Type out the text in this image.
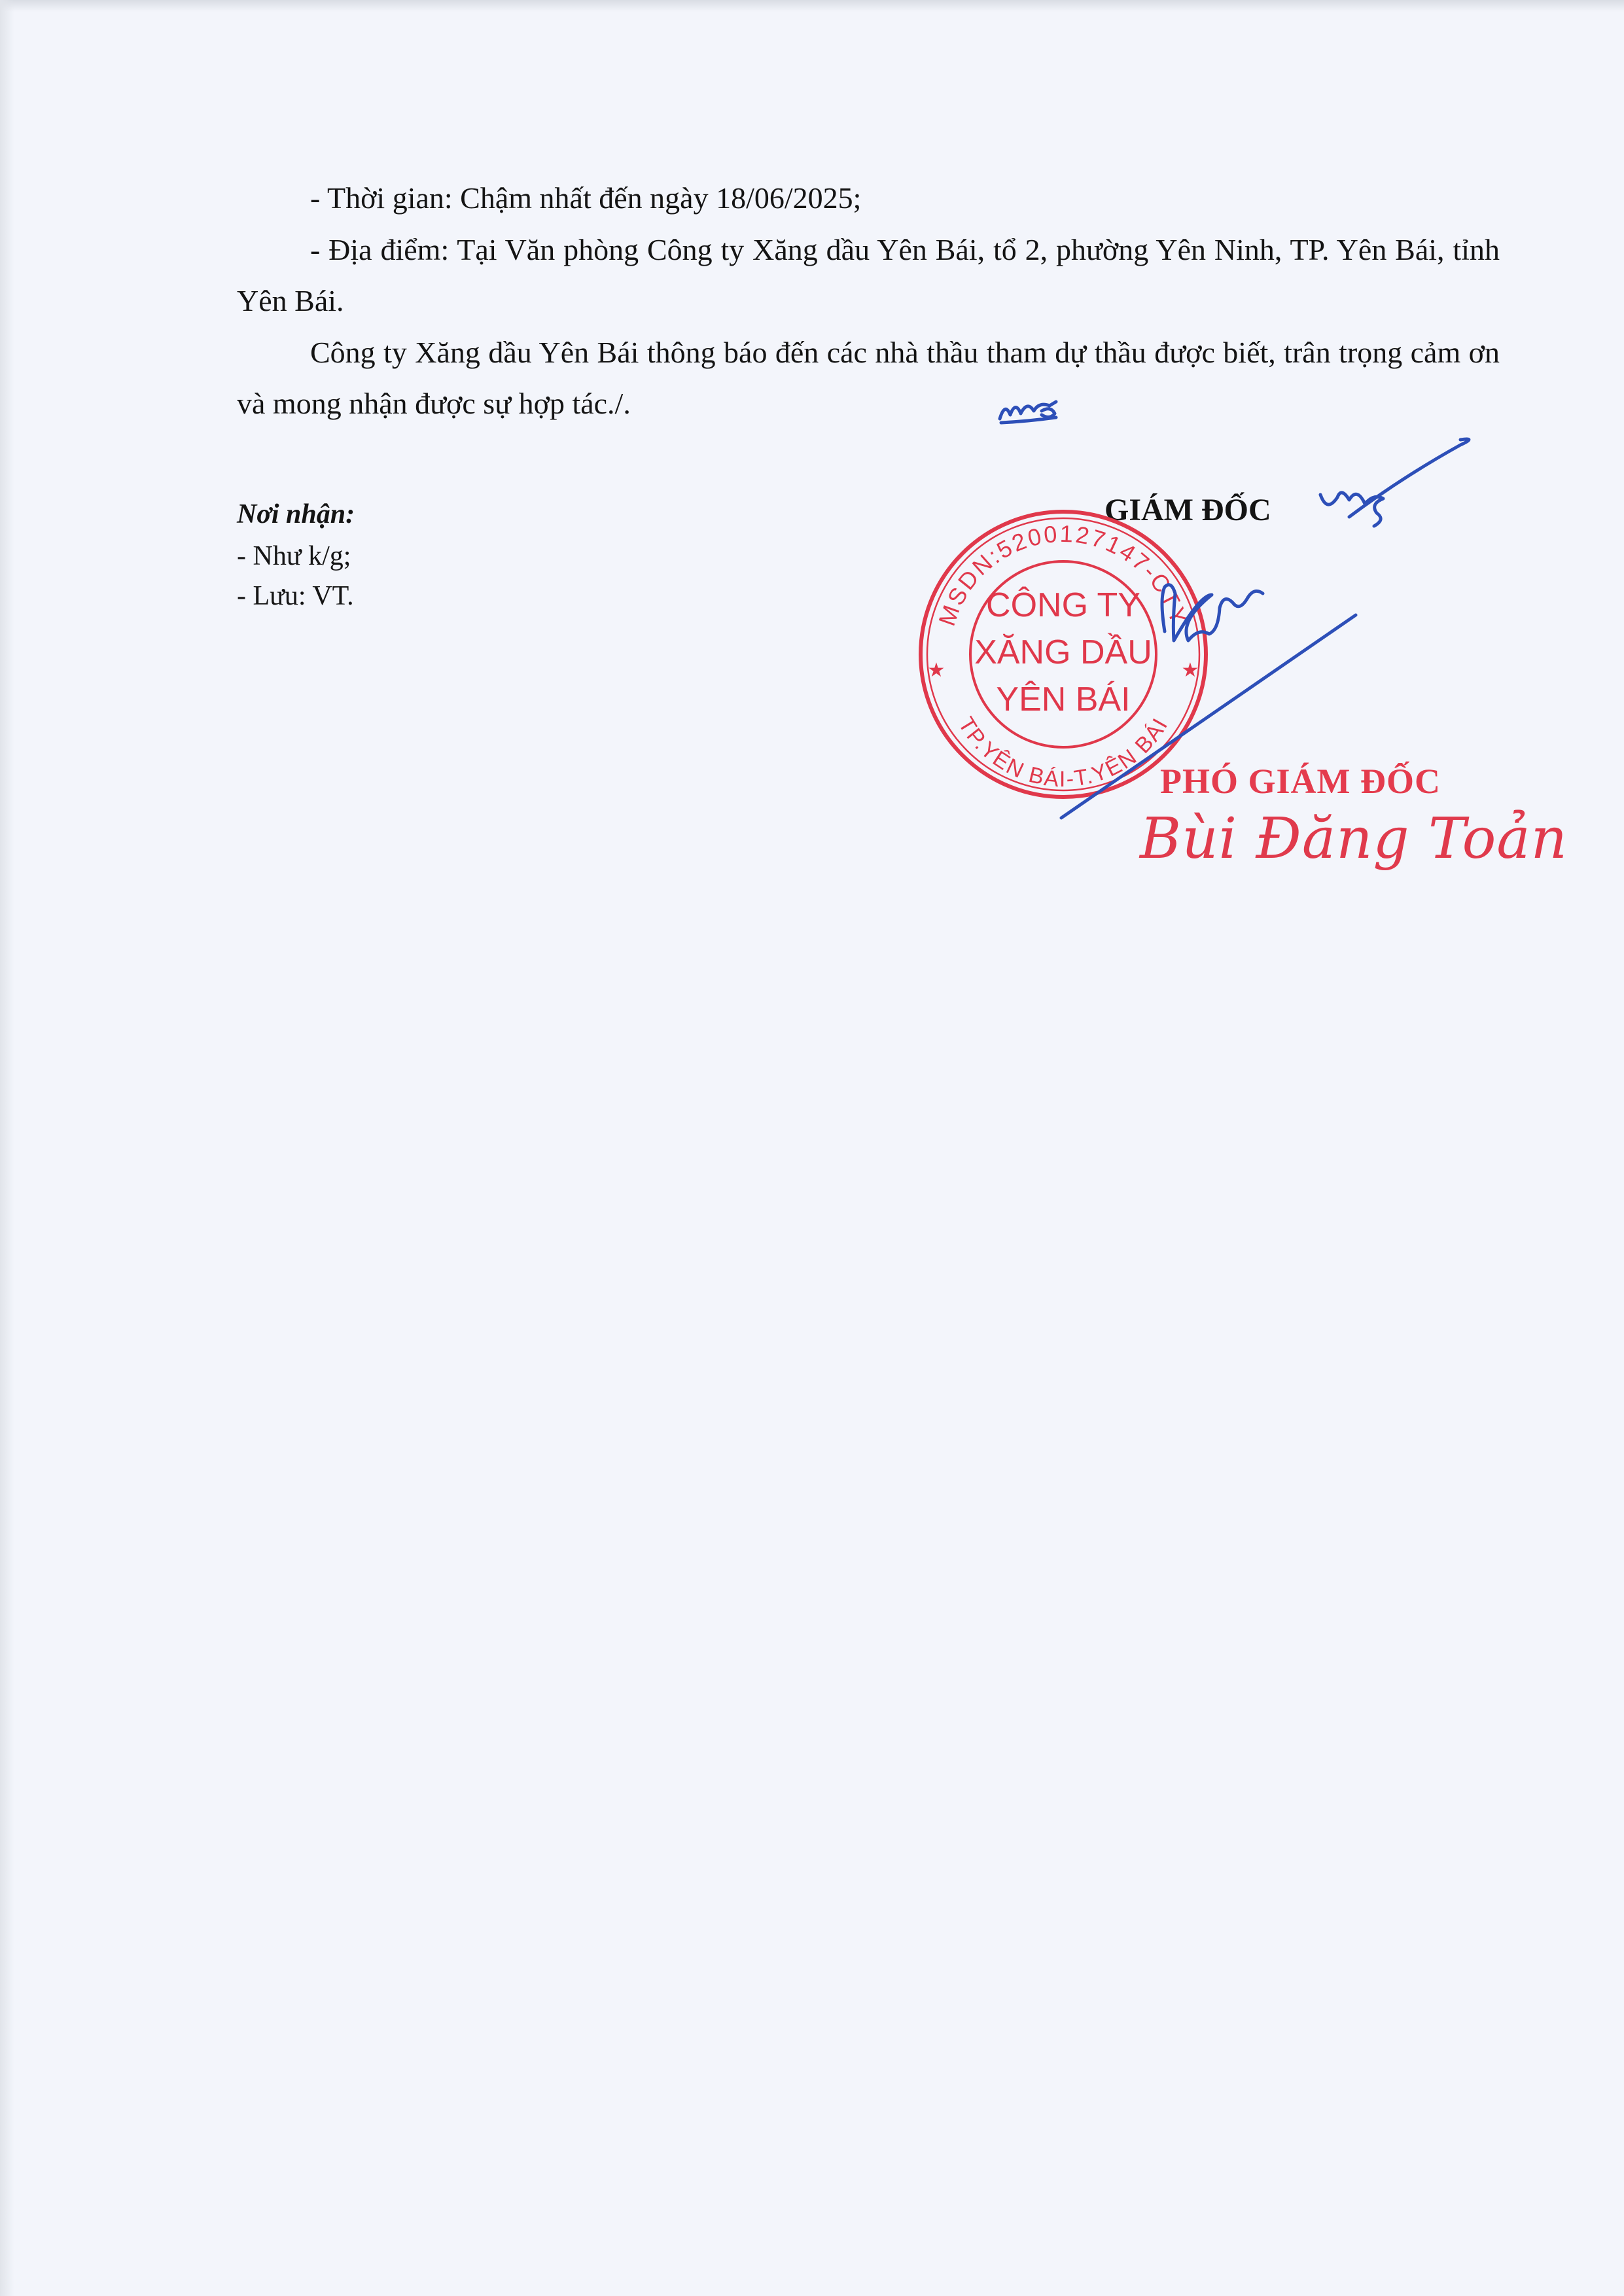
- Thời gian: Chậm nhất đến ngày 18/06/2025;

- Địa điểm: Tại Văn phòng Công ty Xăng dầu Yên Bái, tổ 2, phường Yên Ninh, TP. Yên Bái, tỉnh Yên Bái.

Công ty Xăng dầu Yên Bái thông báo đến các nhà thầu tham dự thầu được biết, trân trọng cảm ơn và mong nhận được sự hợp tác./.

Nơi nhận:
- Như k/g;
- Lưu: VT.
GIÁM ĐỐC
MSDN:5200127147-CTY
TP.YÊN BÁI-T.YÊN BÁI
★	★
CÔNG TY
XĂNG DẦU
YÊN BÁI
PHÓ GIÁM ĐỐC
Bùi Đăng Toản
